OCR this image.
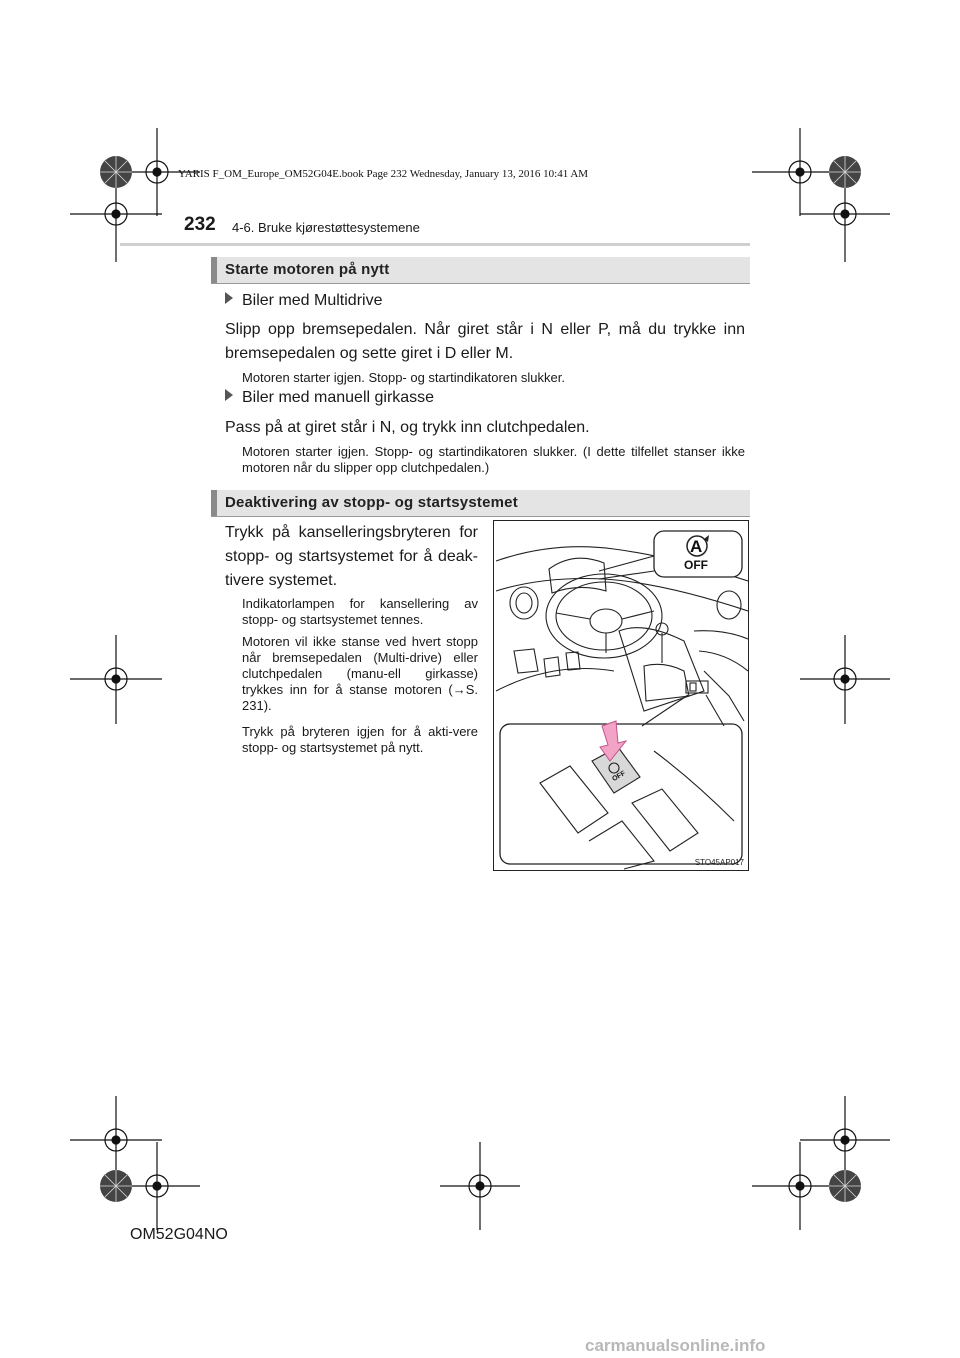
YARIS F_OM_Europe_OM52G04E.book Page 232 Wednesday, January 13, 2016 10:41 AM
232 4-6. Bruke kjørestøttesystemene
Starte motoren på nytt
Biler med Multidrive
Slipp opp bremsepedalen. Når giret står i N eller P, må du trykke inn bremsepedalen og sette giret i D eller M.
Motoren starter igjen. Stopp- og startindikatoren slukker.
Biler med manuell girkasse
Pass på at giret står i N, og trykk inn clutchpedalen.
Motoren starter igjen. Stopp- og startindikatoren slukker. (I dette tilfellet stanser ikke motoren når du slipper opp clutchpedalen.)
Deaktivering av stopp- og startsystemet
Trykk på kanselleringsbryteren for stopp- og startsystemet for å deak-tivere systemet.
Indikatorlampen for kansellering av stopp- og startsystemet tennes.
Motoren vil ikke stanse ved hvert stopp når bremsepedalen (Multi-drive) eller clutchpedalen (manu-ell girkasse) trykkes inn for å stanse motoren (→S. 231).
Trykk på bryteren igjen for å akti-vere stopp- og startsystemet på nytt.
A
OFF
OFF
STO45AP017
OM52G04NO
carmanualsonline.info
